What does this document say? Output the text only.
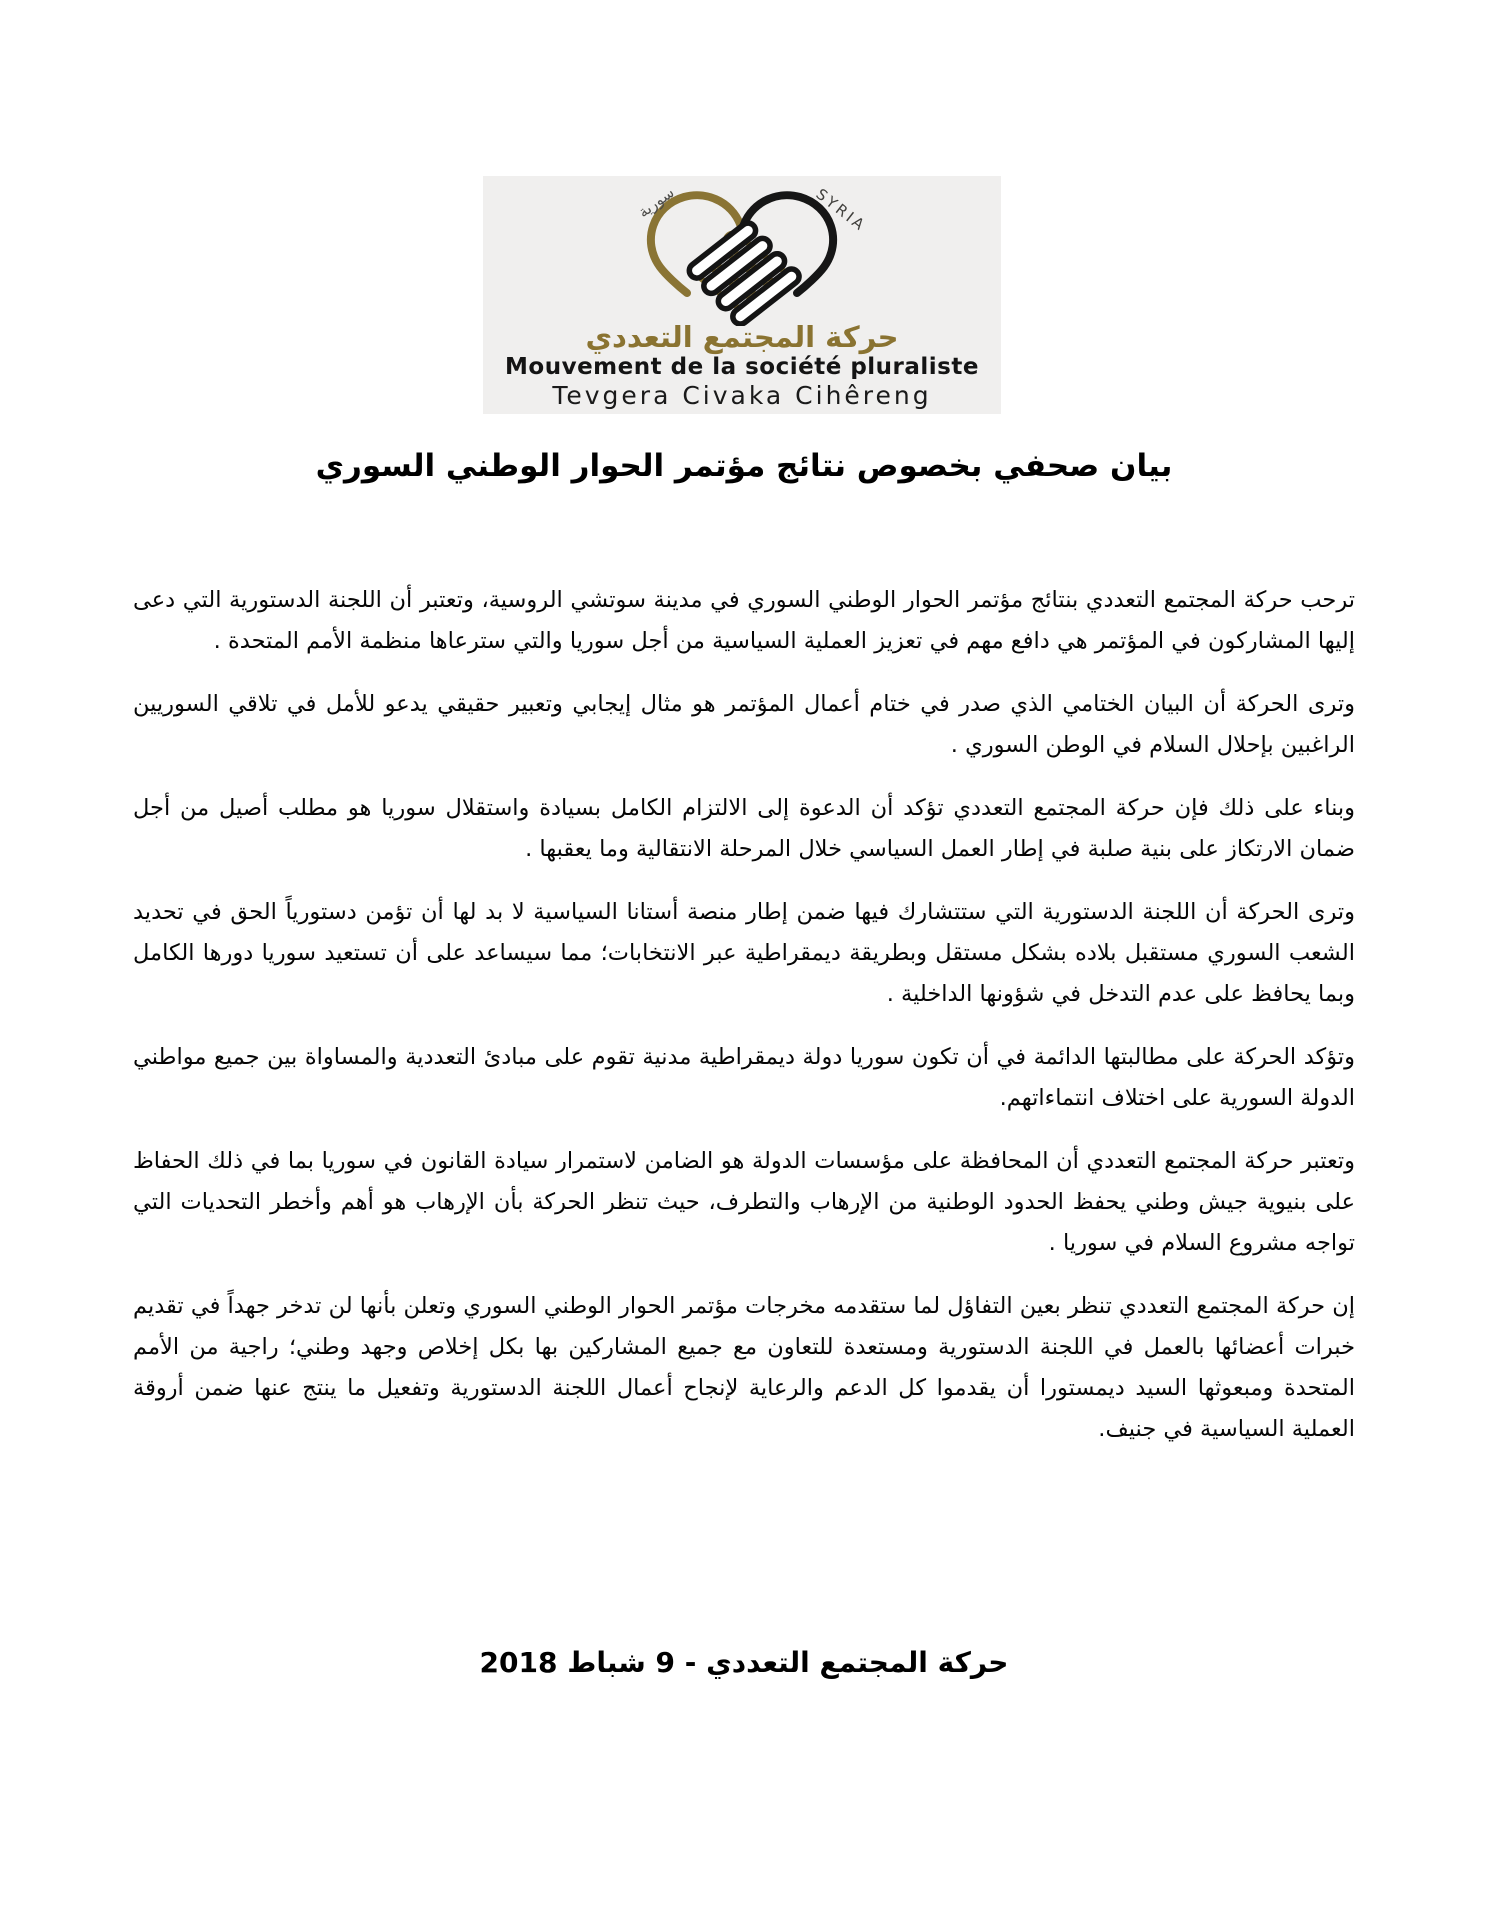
سورية	SYRIA
حركة المجتمع التعددي
Mouvement de la société pluraliste
Tevgera Civaka Cihêreng
بيان صحفي بخصوص نتائج مؤتمر الحوار الوطني السوري

ترحب حركة المجتمع التعددي بنتائج مؤتمر الحوار الوطني السوري في مدينة سوتشي الروسية، وتعتبر أن اللجنة الدستورية التي دعى إليها المشاركون في المؤتمر هي دافع مهم في تعزيز العملية السياسية من أجل سوريا والتي سترعاها منظمة الأمم المتحدة .

وترى الحركة أن البيان الختامي الذي صدر في ختام أعمال المؤتمر هو مثال إيجابي وتعبير حقيقي يدعو للأمل في تلاقي السوريين الراغبين بإحلال السلام في الوطن السوري .

وبناء على ذلك فإن حركة المجتمع التعددي تؤكد أن الدعوة إلى الالتزام الكامل بسيادة واستقلال سوريا هو مطلب أصيل من أجل ضمان الارتكاز على بنية صلبة في إطار العمل السياسي خلال المرحلة الانتقالية وما يعقبها .

وترى الحركة أن اللجنة الدستورية التي ستتشارك فيها ضمن إطار منصة أستانا السياسية لا بد لها أن تؤمن دستورياً الحق في تحديد الشعب السوري مستقبل بلاده بشكل مستقل وبطريقة ديمقراطية عبر الانتخابات؛ مما سيساعد على أن تستعيد سوريا دورها الكامل وبما يحافظ على عدم التدخل في شؤونها الداخلية .

وتؤكد الحركة على مطالبتها الدائمة في أن تكون سوريا دولة ديمقراطية مدنية تقوم على مبادئ التعددية والمساواة بين جميع مواطني الدولة السورية على اختلاف انتماءاتهم.

وتعتبر حركة المجتمع التعددي أن المحافظة على مؤسسات الدولة هو الضامن لاستمرار سيادة القانون في سوريا بما في ذلك الحفاظ على بنيوية جيش وطني يحفظ الحدود الوطنية من الإرهاب والتطرف، حيث تنظر الحركة بأن الإرهاب هو أهم وأخطر التحديات التي تواجه مشروع السلام في سوريا .

إن حركة المجتمع التعددي تنظر بعين التفاؤل لما ستقدمه مخرجات مؤتمر الحوار الوطني السوري وتعلن بأنها لن تدخر جهداً في تقديم خبرات أعضائها بالعمل في اللجنة الدستورية ومستعدة للتعاون مع جميع المشاركين بها بكل إخلاص وجهد وطني؛ راجية من الأمم المتحدة ومبعوثها السيد ديمستورا أن يقدموا كل الدعم والرعاية لإنجاح أعمال اللجنة الدستورية وتفعيل ما ينتج عنها ضمن أروقة العملية السياسية في جنيف.

حركة المجتمع التعددي - 9 شباط 2018
